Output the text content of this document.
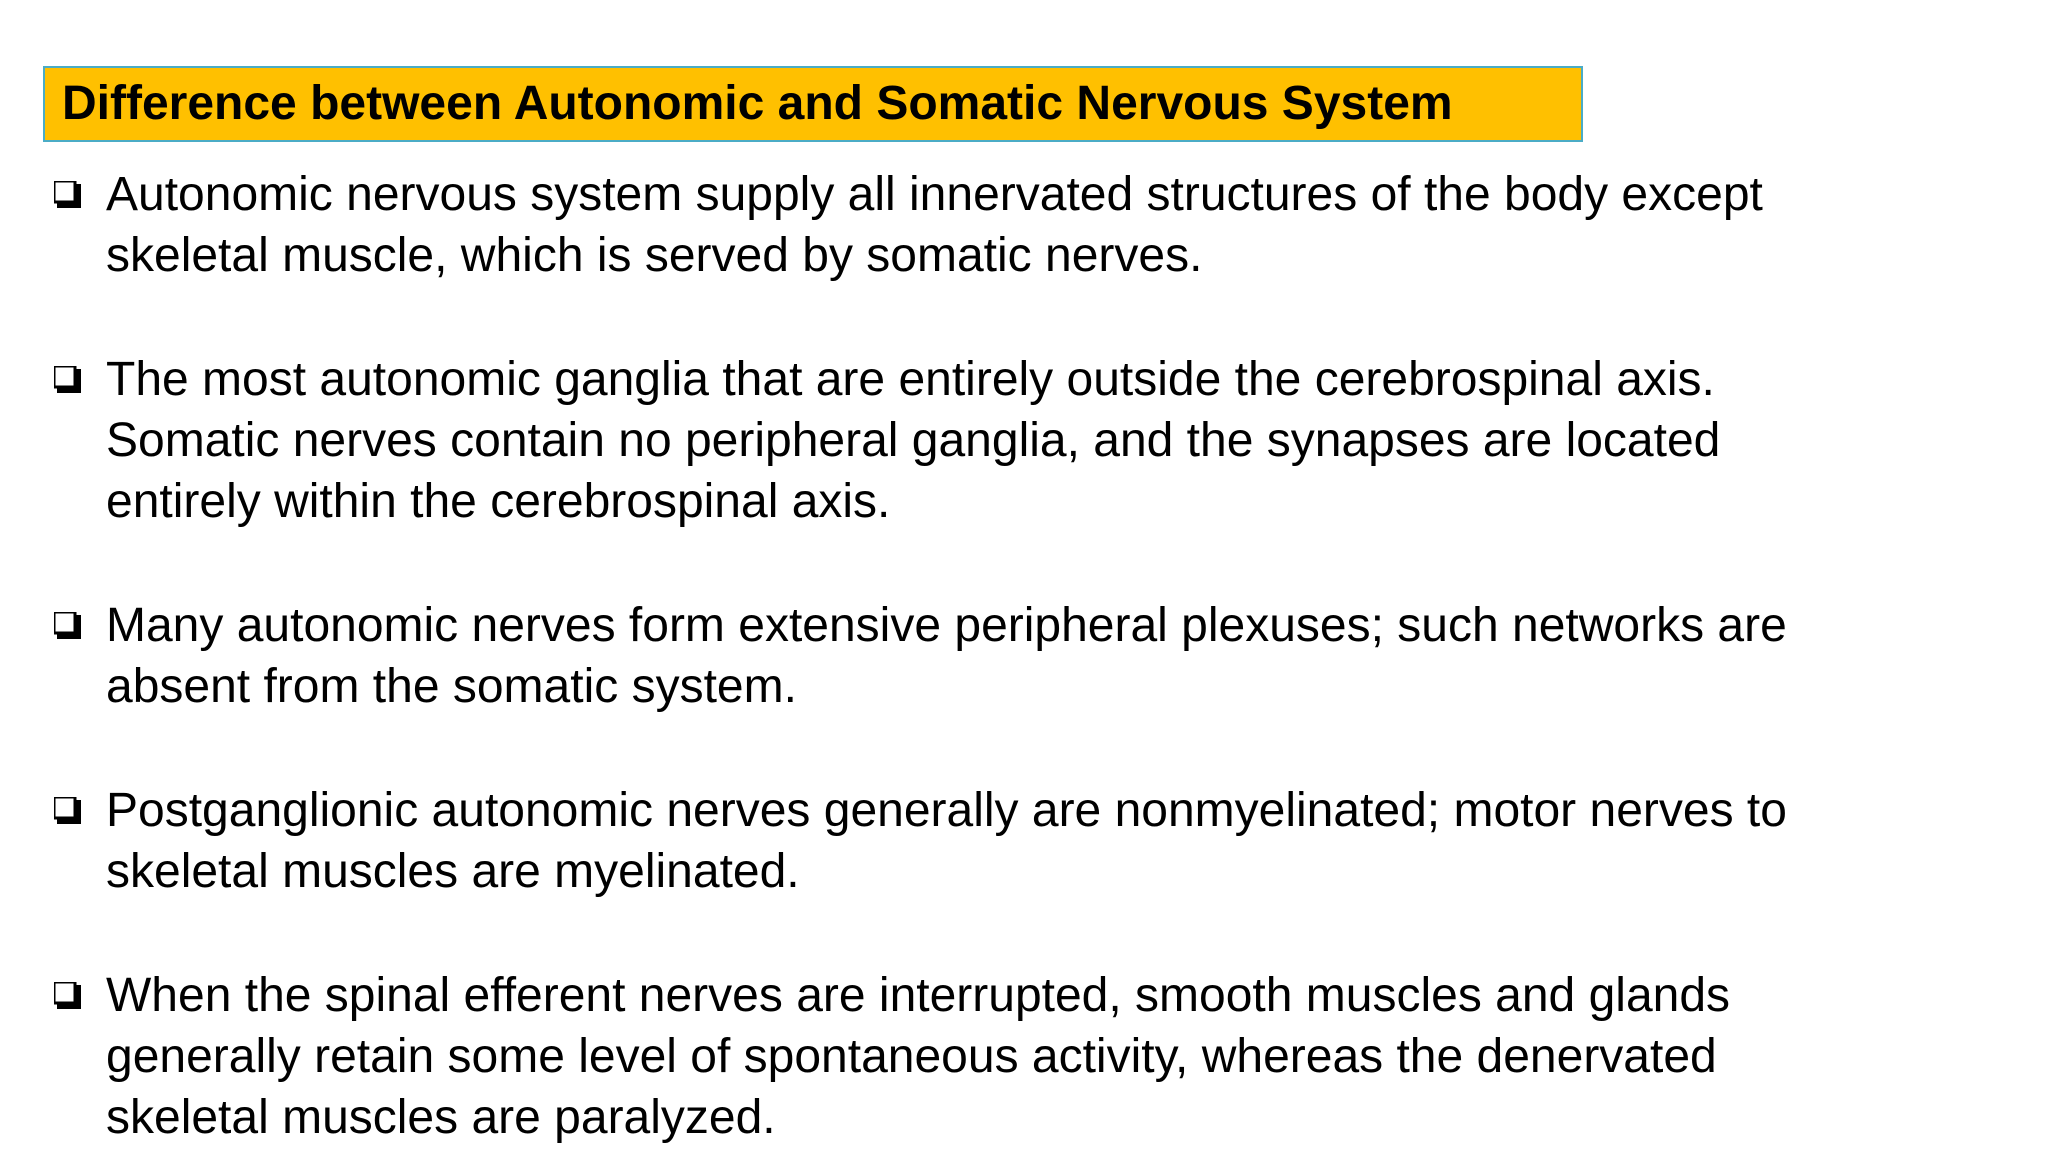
Difference between Autonomic and Somatic Nervous System
Autonomic nervous system supply all innervated structures of the body except
skeletal muscle, which is served by somatic nerves.
The most autonomic ganglia that are entirely outside the cerebrospinal axis.
Somatic nerves contain no peripheral ganglia, and the synapses are located
entirely within the cerebrospinal axis.
Many autonomic nerves form extensive peripheral plexuses; such networks are
absent from the somatic system.
Postganglionic autonomic nerves generally are nonmyelinated; motor nerves to
skeletal muscles are myelinated.
When the spinal efferent nerves are interrupted, smooth muscles and glands
generally retain some level of spontaneous activity, whereas the denervated
skeletal muscles are paralyzed.
